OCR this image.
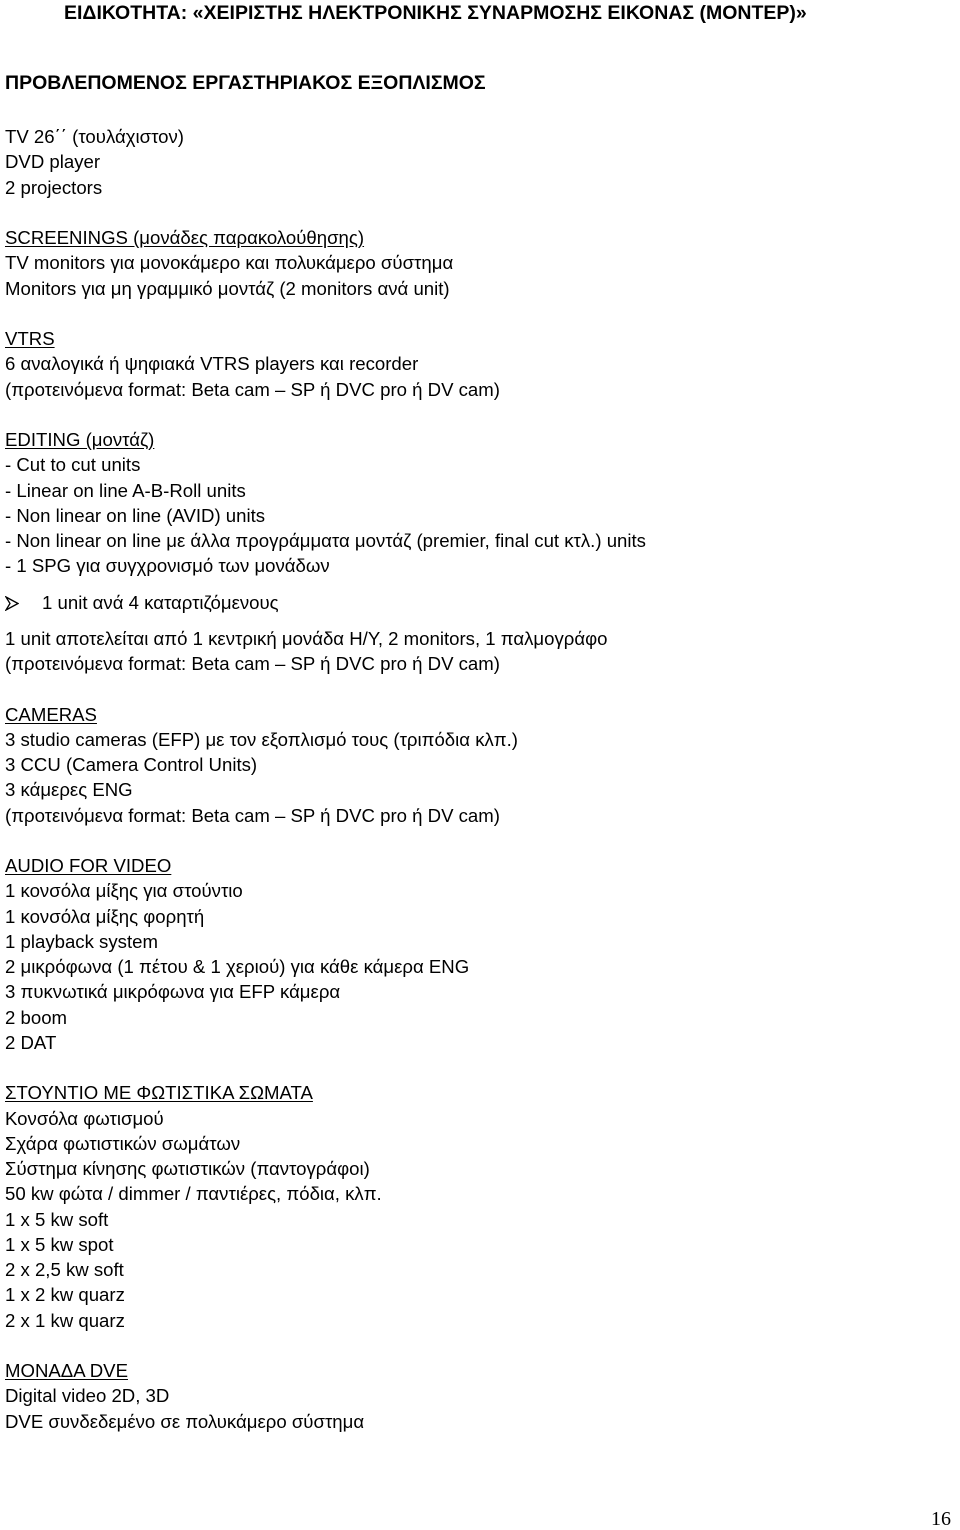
ΕΙΔΙΚΟΤΗΤΑ: «ΧΕΙΡΙΣΤΗΣ ΗΛΕΚΤΡΟΝΙΚΗΣ ΣΥΝΑΡΜΟΣΗΣ ΕΙΚΟΝΑΣ (ΜΟΝΤΕΡ)»
ΠΡΟΒΛΕΠΟΜΕΝΟΣ ΕΡΓΑΣΤΗΡΙΑΚΟΣ ΕΞΟΠΛΙΣΜΟΣ
TV 26΄΄ (τουλάχιστον)
DVD player
2 projectors
SCREENINGS (μονάδες παρακολούθησης)
TV monitors για μονοκάμερο και πολυκάμερο σύστημα
Monitors για μη γραμμικό μοντάζ (2 monitors ανά unit)
VTRS
6 αναλογικά ή ψηφιακά VTRS players και recorder
(προτεινόμενα format: Beta cam – SP ή DVC pro ή DV cam)
EDITING (μοντάζ)
- Cut to cut units
- Linear on line A-B-Roll units
- Non linear on line (AVID) units
- Non linear on line με άλλα προγράμματα μοντάζ (premier, final cut κτλ.) units
- 1 SPG για συγχρονισμό των μονάδων
1 unit ανά 4 καταρτιζόμενους
1 unit αποτελείται από 1 κεντρική μονάδα Η/Υ, 2 monitors, 1 παλμογράφο
(προτεινόμενα format: Beta cam – SP ή DVC pro ή DV cam)
CAMERAS
3 studio cameras (EFP) με τον εξοπλισμό τους (τριπόδια κλπ.)
3 CCU (Camera Control Units)
3 κάμερες ENG
(προτεινόμενα format: Beta cam – SP ή DVC pro ή DV cam)
AUDIO FOR VIDEO
1 κονσόλα μίξης για στούντιο
1 κονσόλα μίξης φορητή
1 playback system
2 μικρόφωνα (1 πέτου & 1 χεριού) για κάθε κάμερα ENG
3 πυκνωτικά μικρόφωνα για EFP κάμερα
2 boom
2 DAT
ΣΤΟΥΝΤΙΟ ΜΕ ΦΩΤΙΣΤΙΚΑ ΣΩΜΑΤΑ
Κονσόλα φωτισμού
Σχάρα φωτιστικών σωμάτων
Σύστημα κίνησης φωτιστικών (παντογράφοι)
50 kw φώτα / dimmer / παντιέρες, πόδια, κλπ.
1 x 5 kw soft
1 x 5 kw spot
2 x 2,5 kw soft
1 x 2 kw quarz
2 x 1 kw quarz
ΜΟΝΑΔΑ DVE
Digital video 2D, 3D
DVE συνδεδεμένο σε πολυκάμερο σύστημα
16
